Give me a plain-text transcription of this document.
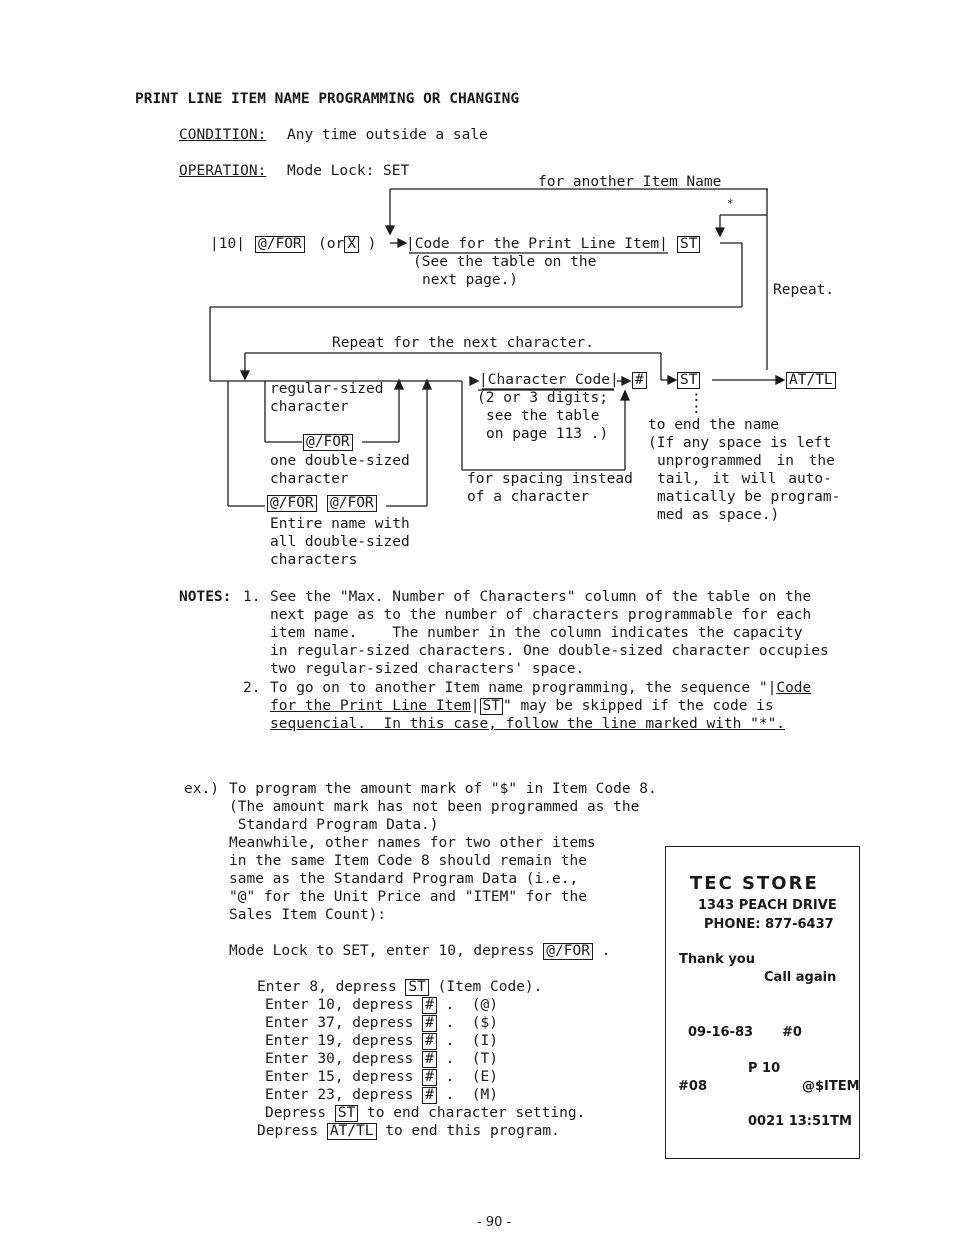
PRINT LINE ITEM NAME PROGRAMMING OR CHANGING
CONDITION: Any time outside a sale
OPERATION: Mode Lock: SET
for another Item Name
*
|10| @/FOR (or X ) |Code for the Print Line Item| ST
(See the table on the
next page.)
Repeat.
Repeat for the next character.
regular-sized
character
@/FOR
one double-sized
character
@/FOR @/FOR
Entire name with
all double-sized
characters
|Character Code| #	ST	AT/TL
:
:
(2 or 3 digits;
see the table
on page 113 .)
for spacing instead
of a character
to end the name
(If any space is left
unprogrammed in the
tail, it will auto-
matically be program-
med as space.)
NOTES: 1. See the "Max. Number of Characters" column of the table on the
next page as to the number of characters programmable for each
item name.    The number in the column indicates the capacity
in regular-sized characters. One double-sized character occupies
two regular-sized characters' space.
2. To go on to another Item name programming, the sequence "|Code
for the Print Line Item| ST " may be skipped if the code is
sequencial.  In this case, follow the line marked with "*".
ex.) To program the amount mark of "$" in Item Code 8.
(The amount mark has not been programmed as the
Standard Program Data.)
Meanwhile, other names for two other items
in the same Item Code 8 should remain the
same as the Standard Program Data (i.e.,
"@" for the Unit Price and "ITEM" for the
Sales Item Count):
Mode Lock to SET, enter 10, depress @/FOR .
Enter 8, depress ST (Item Code).
Enter 10, depress # .  (@)
Enter 37, depress # .  ($)
Enter 19, depress # .  (I)
Enter 30, depress # .  (T)
Enter 15, depress # .  (E)
Enter 23, depress # .  (M)
Depress ST to end character setting.
Depress AT/TL to end this program.
TEC STORE
1343 PEACH DRIVE
PHONE: 877-6437
Thank you
Call again
09-16-83 #0
P 10
#08	@$ITEM
0021 13:51TM
- 90 -
